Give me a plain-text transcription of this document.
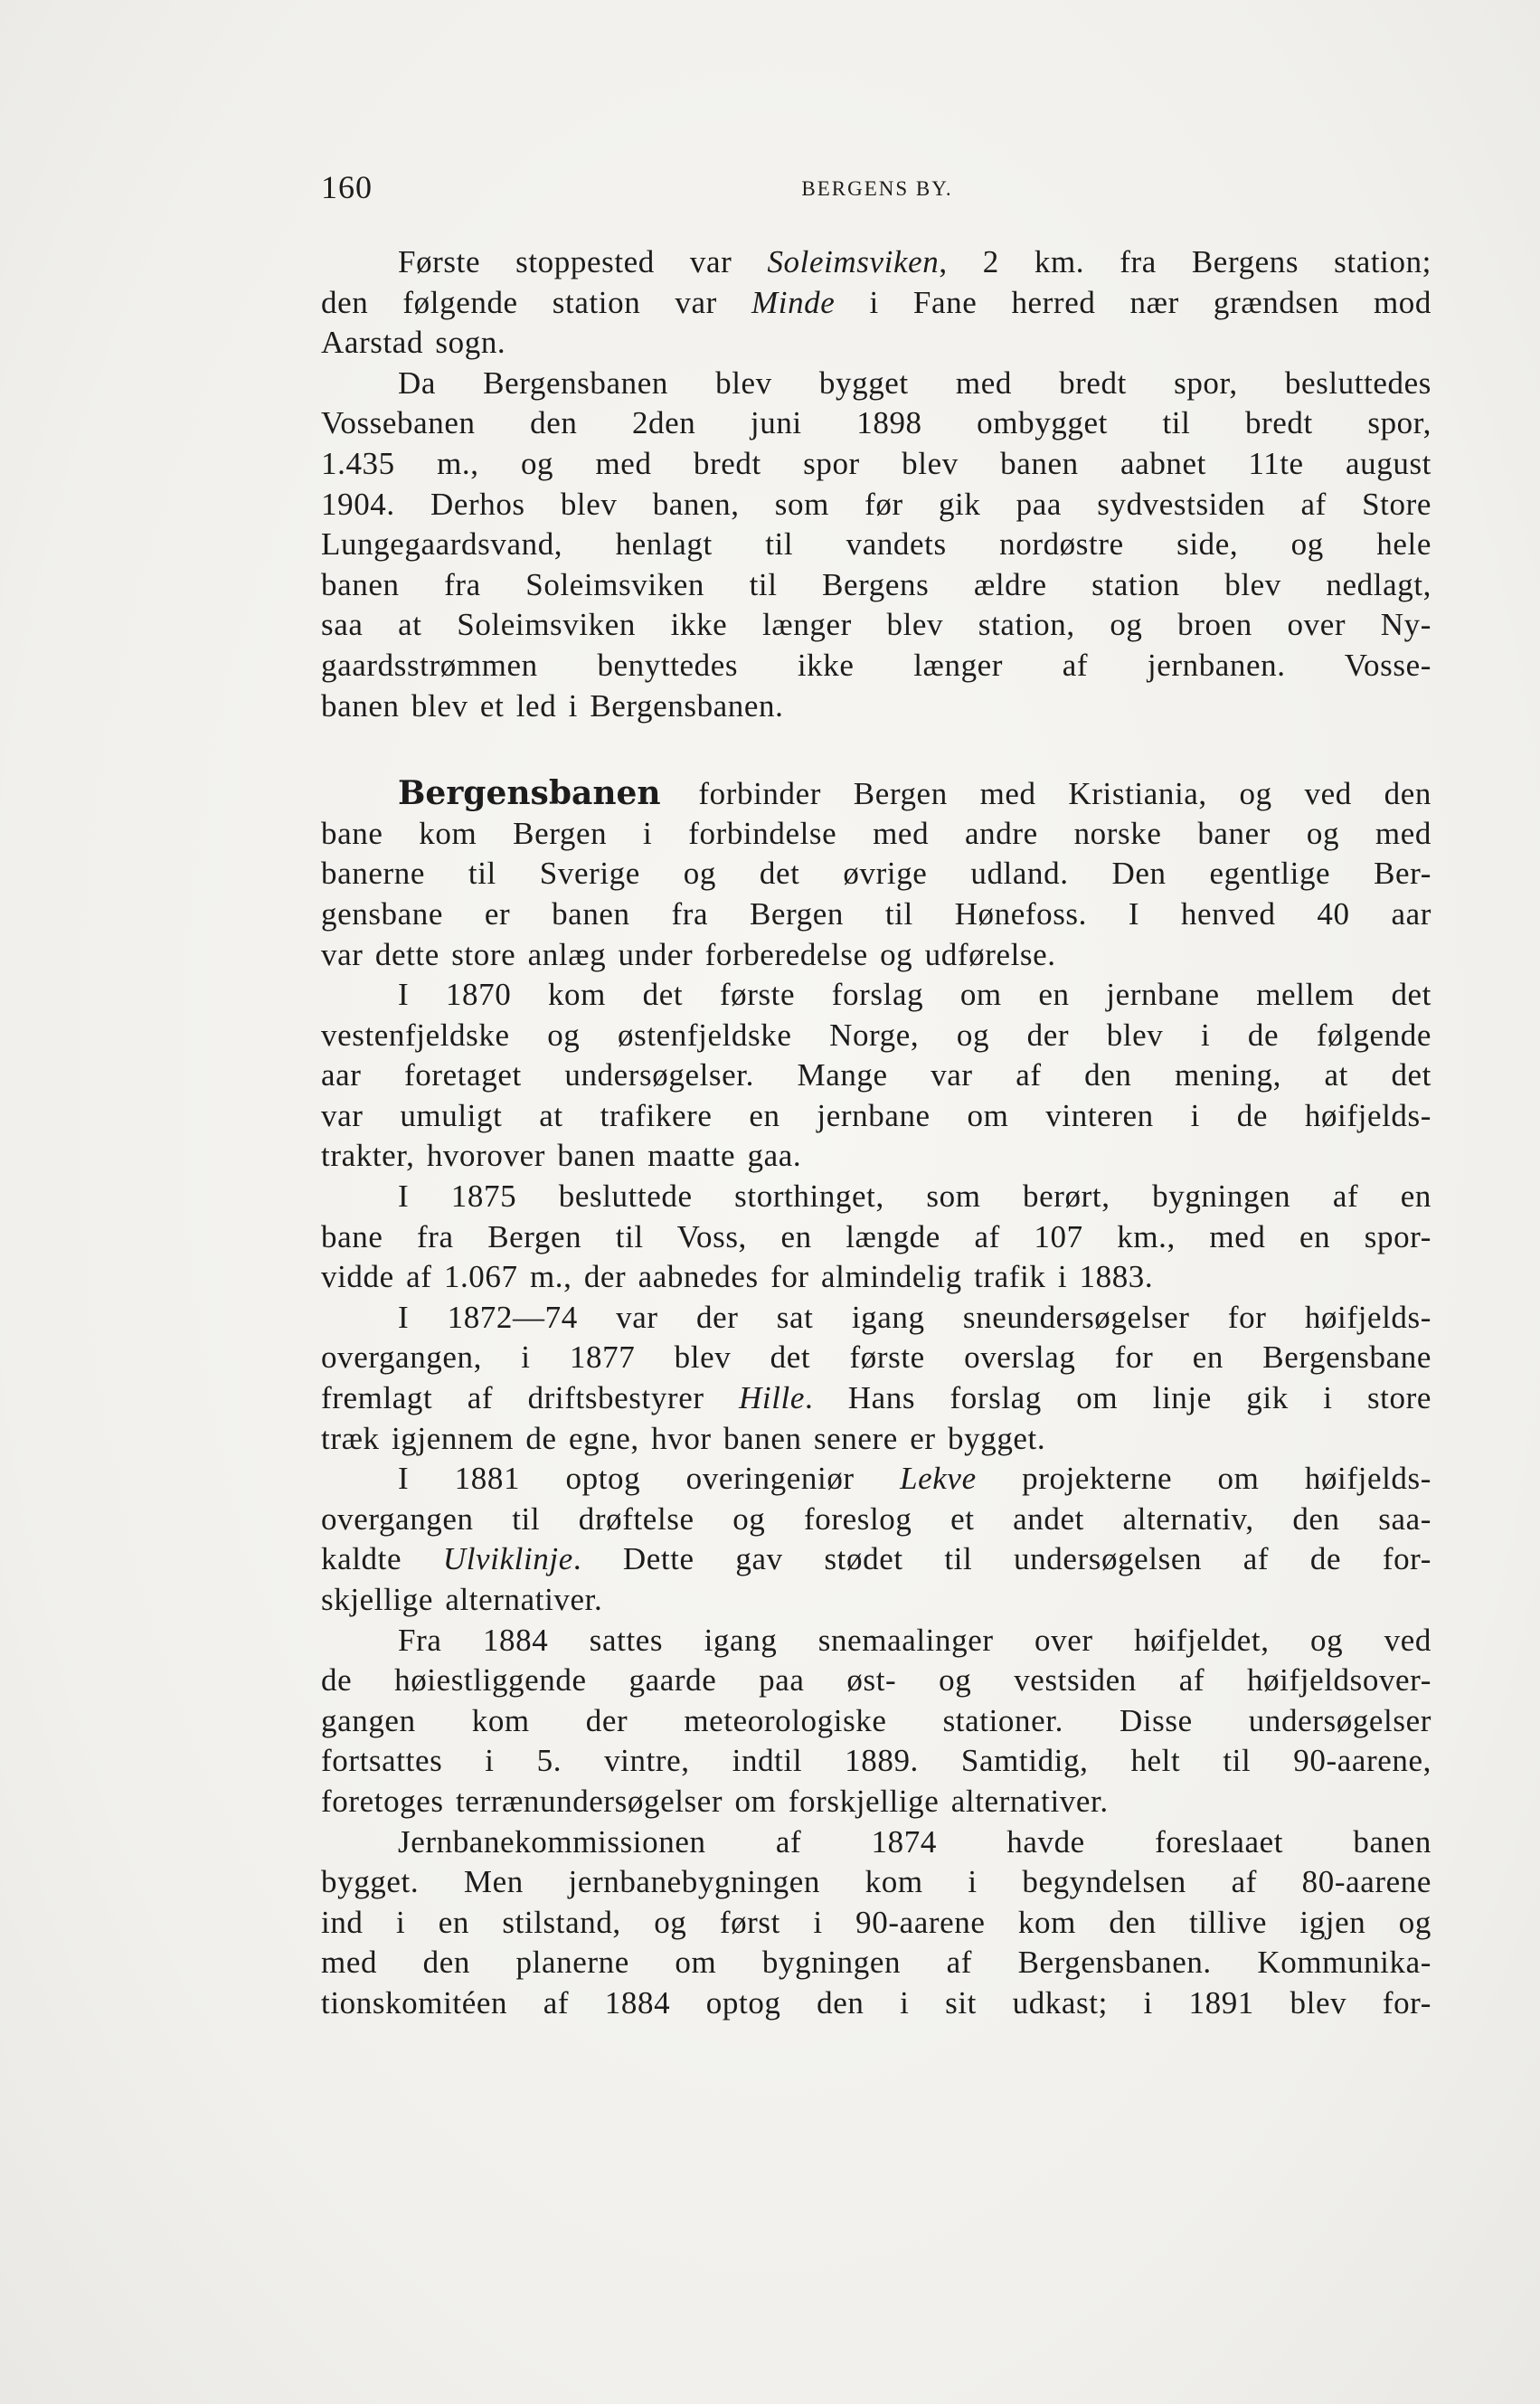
160	BERGENS BY.
Første stoppested var Soleimsviken, 2 km. fra Bergens station;
den følgende station var Minde i Fane herred nær grændsen mod
Aarstad sogn.
Da Bergensbanen blev bygget med bredt spor, besluttedes
Vossebanen den 2den juni 1898 ombygget til bredt spor,
1.435 m., og med bredt spor blev banen aabnet 11te august
1904. Derhos blev banen, som før gik paa sydvestsiden af Store
Lungegaardsvand, henlagt til vandets nordøstre side, og hele
banen fra Soleimsviken til Bergens ældre station blev nedlagt,
saa at Soleimsviken ikke længer blev station, og broen over Ny-
gaardsstrømmen benyttedes ikke længer af jernbanen. Vosse-
banen blev et led i Bergensbanen.
Bergensbanen forbinder Bergen med Kristiania, og ved den
bane kom Bergen i forbindelse med andre norske baner og med
banerne til Sverige og det øvrige udland. Den egentlige Ber-
gensbane er banen fra Bergen til Hønefoss. I henved 40 aar
var dette store anlæg under forberedelse og udførelse.
I 1870 kom det første forslag om en jernbane mellem det
vestenfjeldske og østenfjeldske Norge, og der blev i de følgende
aar foretaget undersøgelser. Mange var af den mening, at det
var umuligt at trafikere en jernbane om vinteren i de høifjelds-
trakter, hvorover banen maatte gaa.
I 1875 besluttede storthinget, som berørt, bygningen af en
bane fra Bergen til Voss, en længde af 107 km., med en spor-
vidde af 1.067 m., der aabnedes for almindelig trafik i 1883.
I 1872—74 var der sat igang sneundersøgelser for høifjelds-
overgangen, i 1877 blev det første overslag for en Bergensbane
fremlagt af driftsbestyrer Hille. Hans forslag om linje gik i store
træk igjennem de egne, hvor banen senere er bygget.
I 1881 optog overingeniør Lekve projekterne om høifjelds-
overgangen til drøftelse og foreslog et andet alternativ, den saa-
kaldte Ulviklinje. Dette gav stødet til undersøgelsen af de for-
skjellige alternativer.
Fra 1884 sattes igang snemaalinger over høifjeldet, og ved
de høiestliggende gaarde paa øst- og vestsiden af høifjeldsover-
gangen kom der meteorologiske stationer. Disse undersøgelser
fortsattes i 5. vintre, indtil 1889. Samtidig, helt til 90-aarene,
foretoges terrænundersøgelser om forskjellige alternativer.
Jernbanekommissionen af 1874 havde foreslaaet banen
bygget. Men jernbanebygningen kom i begyndelsen af 80-aarene
ind i en stilstand, og først i 90-aarene kom den tillive igjen og
med den planerne om bygningen af Bergensbanen. Kommunika-
tionskomitéen af 1884 optog den i sit udkast; i 1891 blev for-
